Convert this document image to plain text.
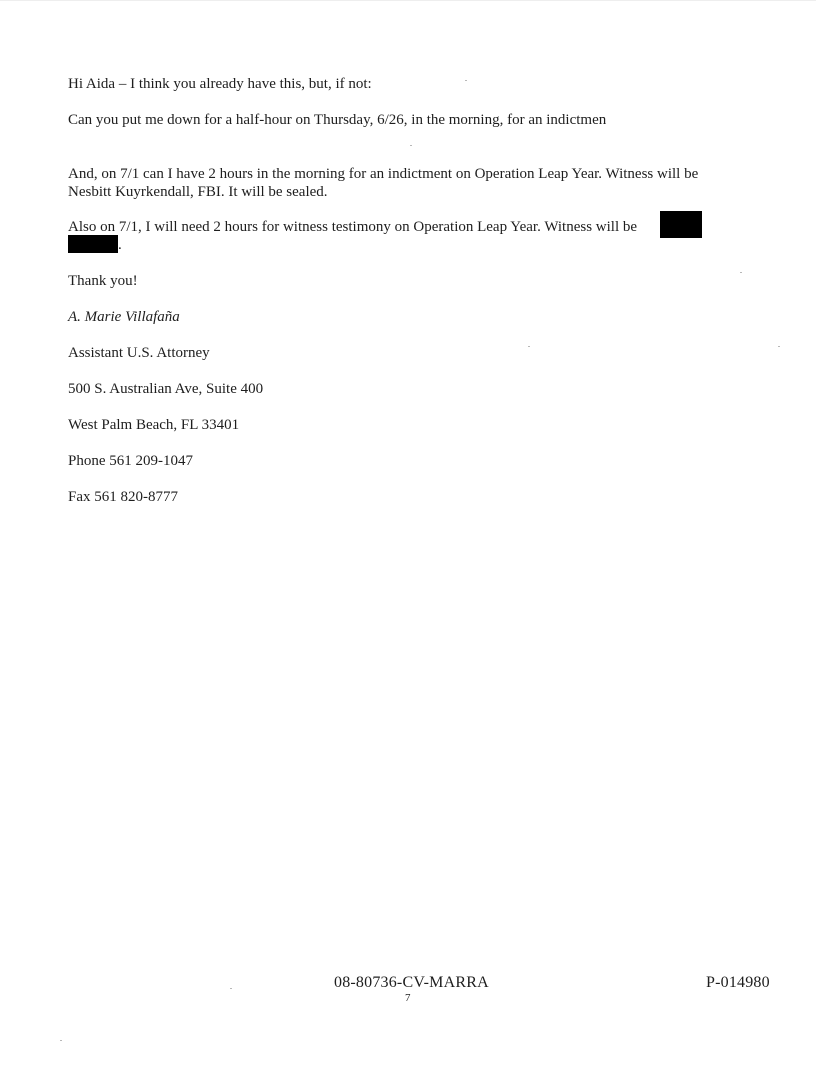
Hi Aida – I think you already have this, but, if not:
Can you put me down for a half-hour on Thursday, 6/26, in the morning, for an indictmen
And, on 7/1 can I have 2 hours in the morning for an indictment on Operation Leap Year. Witness will be
Nesbitt Kuyrkendall, FBI. It will be sealed.
Also on 7/1, I will need 2 hours for witness testimony on Operation Leap Year. Witness will be
.
Thank you!
A. Marie Villafaña
Assistant U.S. Attorney
500 S. Australian Ave, Suite 400
West Palm Beach, FL 33401
Phone 561 209-1047
Fax 561 820-8777
08-80736-CV-MARRA
7
P-014980
